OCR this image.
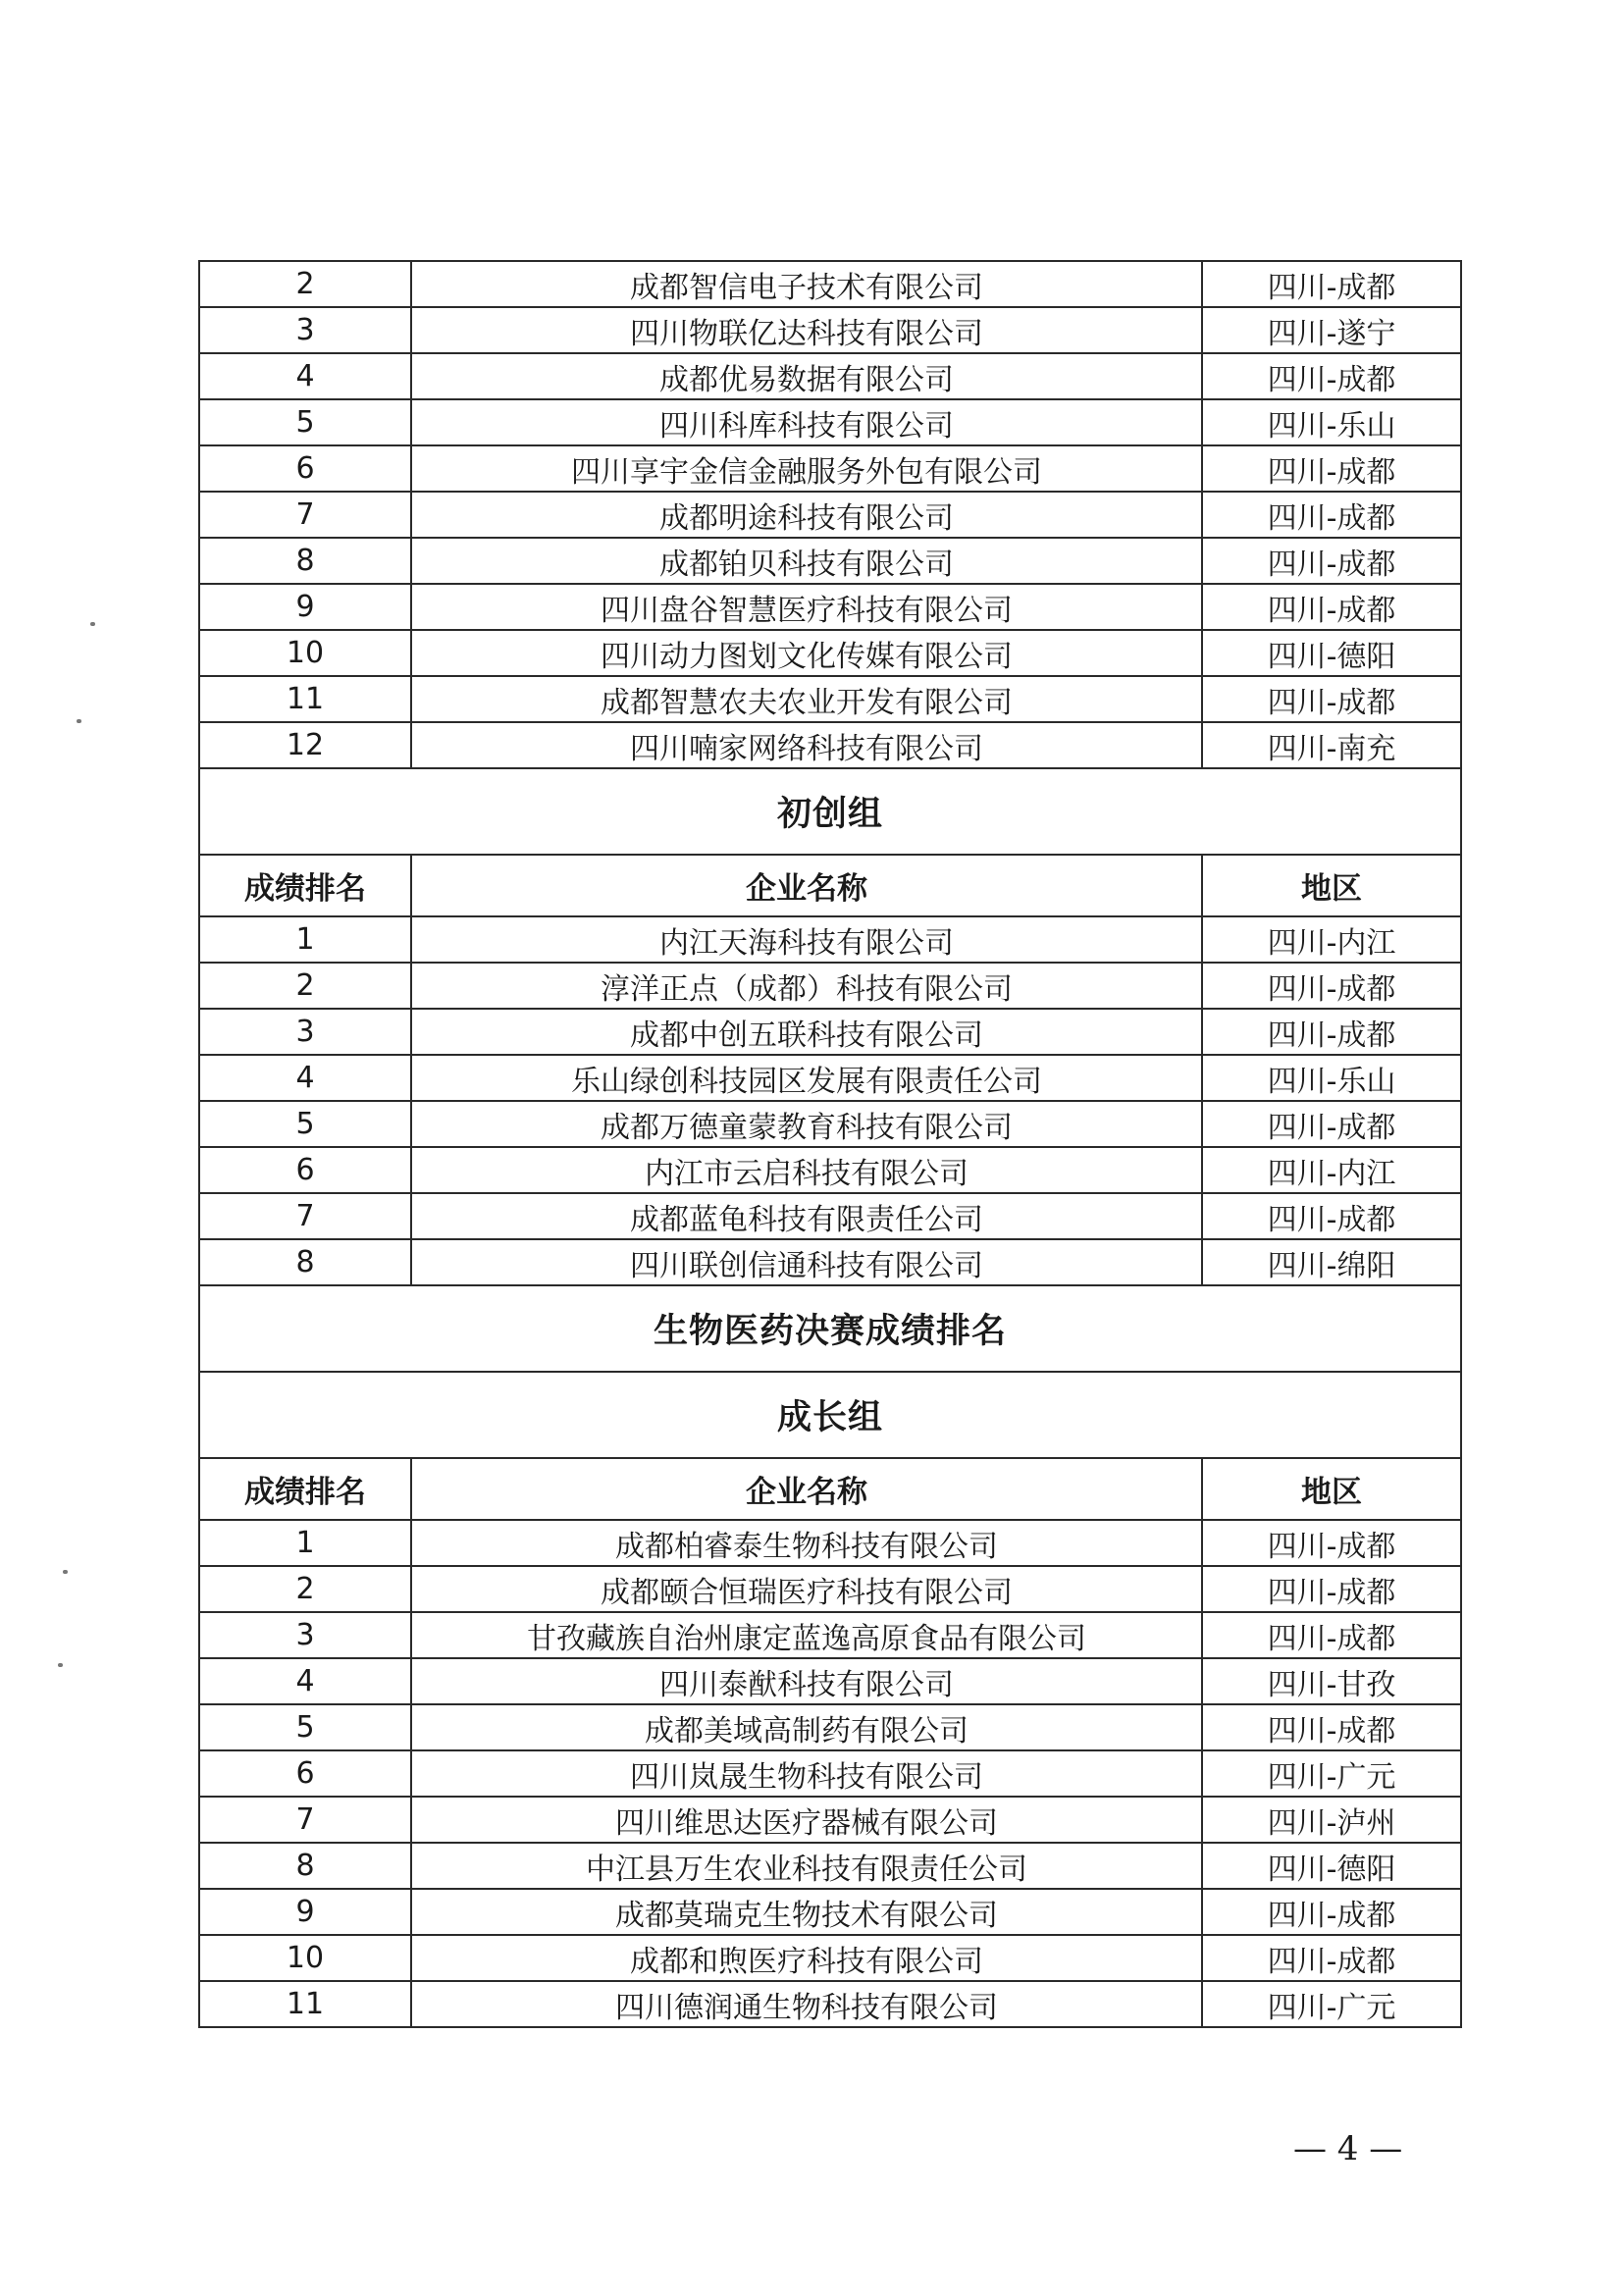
2	成都智信电子技术有限公司	四川-成都
3	四川物联亿达科技有限公司	四川-遂宁
4	成都优易数据有限公司	四川-成都
5	四川科库科技有限公司	四川-乐山
6	四川享宇金信金融服务外包有限公司	四川-成都
7	成都明途科技有限公司	四川-成都
8	成都铂贝科技有限公司	四川-成都
9	四川盘谷智慧医疗科技有限公司	四川-成都
10	四川动力图划文化传媒有限公司	四川-德阳
11	成都智慧农夫农业开发有限公司	四川-成都
12	四川喃家网络科技有限公司	四川-南充
初创组		
成绩排名	企业名称	地区
1	内江天海科技有限公司	四川-内江
2	淳洋正点（成都）科技有限公司	四川-成都
3	成都中创五联科技有限公司	四川-成都
4	乐山绿创科技园区发展有限责任公司	四川-乐山
5	成都万德童蒙教育科技有限公司	四川-成都
6	内江市云启科技有限公司	四川-内江
7	成都蓝龟科技有限责任公司	四川-成都
8	四川联创信通科技有限公司	四川-绵阳
生物医药决赛成绩排名		
成长组		
成绩排名	企业名称	地区
1	成都柏睿泰生物科技有限公司	四川-成都
2	成都颐合恒瑞医疗科技有限公司	四川-成都
3	甘孜藏族自治州康定蓝逸高原食品有限公司	四川-成都
4	四川泰猷科技有限公司	四川-甘孜
5	成都美域高制药有限公司	四川-成都
6	四川岚晟生物科技有限公司	四川-广元
7	四川维思达医疗器械有限公司	四川-泸州
8	中江县万生农业科技有限责任公司	四川-德阳
9	成都莫瑞克生物技术有限公司	四川-成都
10	成都和煦医疗科技有限公司	四川-成都
11	四川德润通生物科技有限公司	四川-广元
— 4 —
